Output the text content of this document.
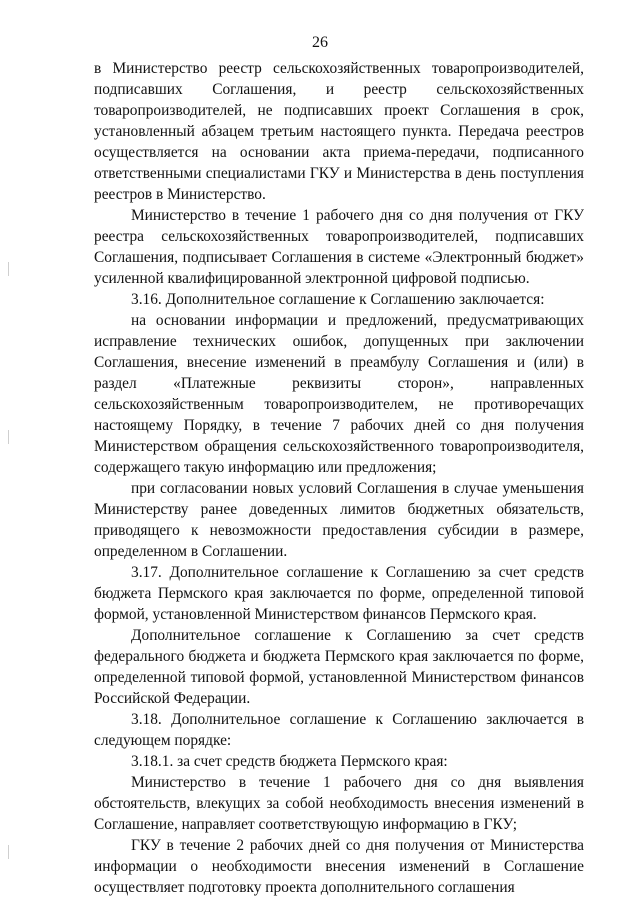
26

в Министерство реестр сельскохозяйственных товаропроизводителей, подписавших Соглашения, и реестр сельскохозяйственных товаропроизводителей, не подписавших проект Соглашения в срок, установленный абзацем третьим настоящего пункта. Передача реестров осуществляется на основании акта приема-передачи, подписанного ответственными специалистами ГКУ и Министерства в день поступления реестров в Министерство.

Министерство в течение 1 рабочего дня со дня получения от ГКУ реестра сельскохозяйственных товаропроизводителей, подписавших Соглашения, подписывает Соглашения в системе «Электронный бюджет» усиленной квалифицированной электронной цифровой подписью.

3.16. Дополнительное соглашение к Соглашению заключается:

на основании информации и предложений, предусматривающих исправление технических ошибок, допущенных при заключении Соглашения, внесение изменений в преамбулу Соглашения и (или) в раздел «Платежные реквизиты сторон», направленных сельскохозяйственным товаропроизводителем, не противоречащих настоящему Порядку, в течение 7 рабочих дней со дня получения Министерством обращения сельскохозяйственного товаропроизводителя, содержащего такую информацию или предложения;

при согласовании новых условий Соглашения в случае уменьшения Министерству ранее доведенных лимитов бюджетных обязательств, приводящего к невозможности предоставления субсидии в размере, определенном в Соглашении.

3.17. Дополнительное соглашение к Соглашению за счет средств бюджета Пермского края заключается по форме, определенной типовой формой, установленной Министерством финансов Пермского края.

Дополнительное соглашение к Соглашению за счет средств федерального бюджета и бюджета Пермского края заключается по форме, определенной типовой формой, установленной Министерством финансов Российской Федерации.

3.18. Дополнительное соглашение к Соглашению заключается в следующем порядке:

3.18.1. за счет средств бюджета Пермского края:

Министерство в течение 1 рабочего дня со дня выявления обстоятельств, влекущих за собой необходимость внесения изменений в Соглашение, направляет соответствующую информацию в ГКУ;

ГКУ в течение 2 рабочих дней со дня получения от Министерства информации о необходимости внесения изменений в Соглашение осуществляет подготовку проекта дополнительного соглашения
